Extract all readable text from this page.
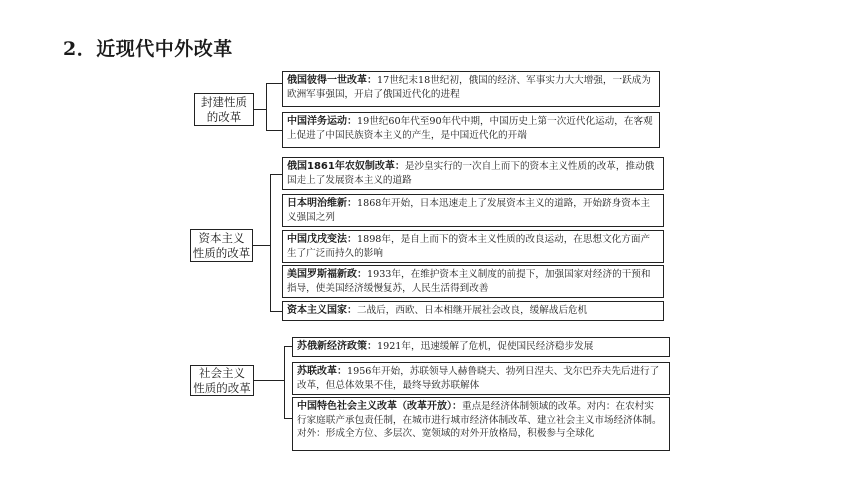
2．近现代中外改革
封建性质
的改革
俄国彼得一世改革：17世纪末18世纪初，俄国的经济、军事实力大大增强，一跃成为欧洲军事强国，开启了俄国近代化的进程
中国洋务运动：19世纪60年代至90年代中期，中国历史上第一次近代化运动，在客观上促进了中国民族资本主义的产生，是中国近代化的开端
资本主义
性质的改革
俄国1861年农奴制改革：是沙皇实行的一次自上而下的资本主义性质的改革，推动俄国走上了发展资本主义的道路
日本明治维新：1868年开始，日本迅速走上了发展资本主义的道路，开始跻身资本主义强国之列
中国戊戌变法：1898年，是自上而下的资本主义性质的改良运动，在思想文化方面产生了广泛而持久的影响
美国罗斯福新政：1933年，在维护资本主义制度的前提下，加强国家对经济的干预和指导，使美国经济缓慢复苏，人民生活得到改善
资本主义国家：二战后，西欧、日本相继开展社会改良，缓解战后危机
社会主义
性质的改革
苏俄新经济政策：1921年，迅速缓解了危机，促使国民经济稳步发展
苏联改革：1956年开始，苏联领导人赫鲁晓夫、勃列日涅夫、戈尔巴乔夫先后进行了改革，但总体效果不佳，最终导致苏联解体
中国特色社会主义改革（改革开放）：重点是经济体制领域的改革。对内：在农村实行家庭联产承包责任制，在城市进行城市经济体制改革、建立社会主义市场经济体制。对外：形成全方位、多层次、宽领域的对外开放格局，积极参与全球化
